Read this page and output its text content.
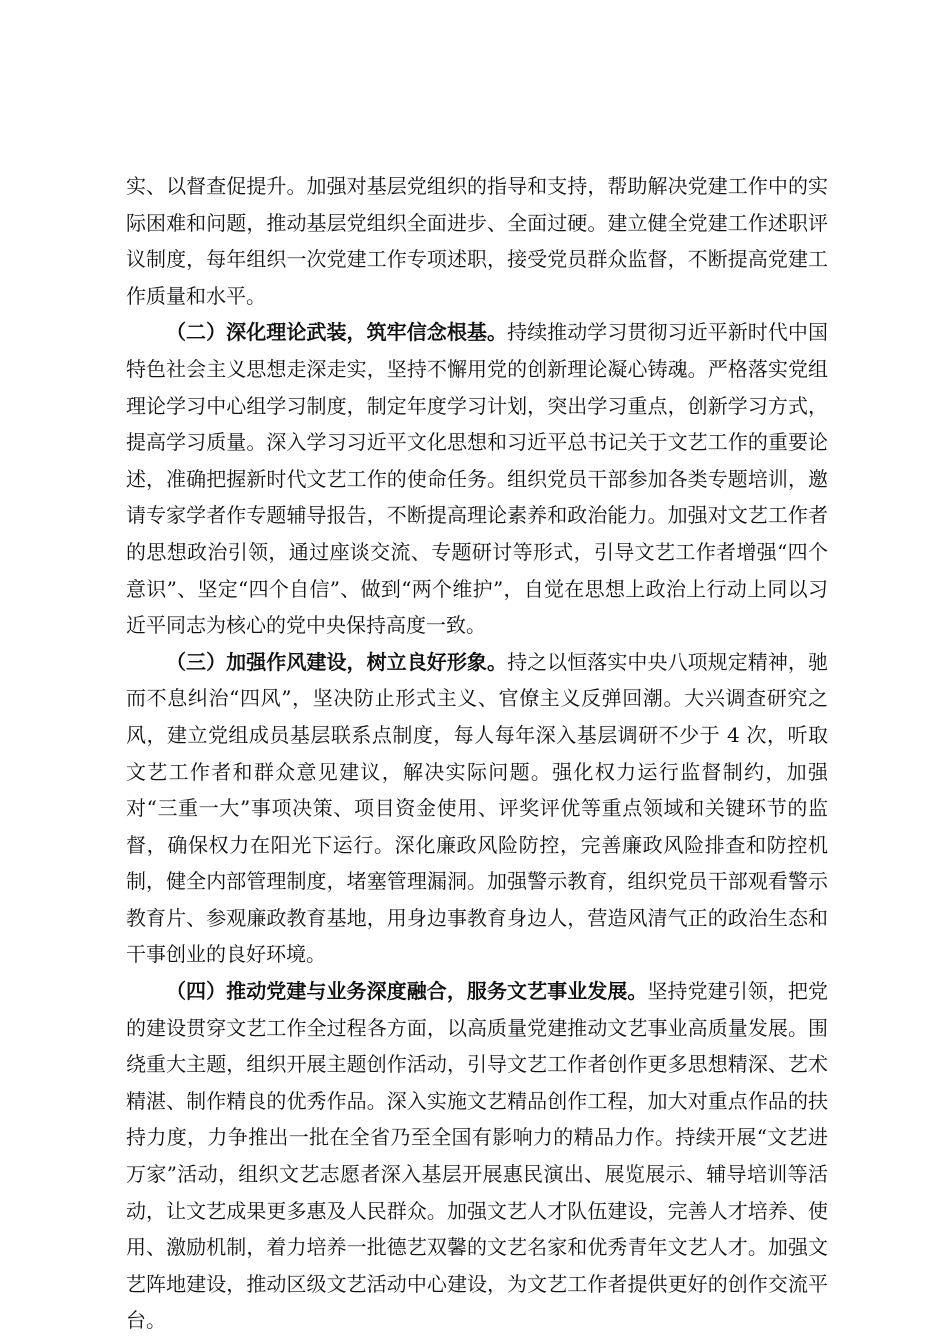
实、以督查促提升。加强对基层党组织的指导和支持，帮助解决党建工作中的实际困难和问题，推动基层党组织全面进步、全面过硬。建立健全党建工作述职评议制度，每年组织一次党建工作专项述职，接受党员群众监督，不断提高党建工作质量和水平。

（二）深化理论武装，筑牢信念根基。持续推动学习贯彻习近平新时代中国特色社会主义思想走深走实，坚持不懈用党的创新理论凝心铸魂。严格落实党组理论学习中心组学习制度，制定年度学习计划，突出学习重点，创新学习方式，提高学习质量。深入学习习近平文化思想和习近平总书记关于文艺工作的重要论述，准确把握新时代文艺工作的使命任务。组织党员干部参加各类专题培训，邀请专家学者作专题辅导报告，不断提高理论素养和政治能力。加强对文艺工作者的思想政治引领，通过座谈交流、专题研讨等形式，引导文艺工作者增强“四个意识”、坚定“四个自信”、做到“两个维护”，自觉在思想上政治上行动上同以习近平同志为核心的党中央保持高度一致。

（三）加强作风建设，树立良好形象。持之以恒落实中央八项规定精神，驰而不息纠治“四风”，坚决防止形式主义、官僚主义反弹回潮。大兴调查研究之风，建立党组成员基层联系点制度，每人每年深入基层调研不少于 4 次，听取文艺工作者和群众意见建议，解决实际问题。强化权力运行监督制约，加强对“三重一大”事项决策、项目资金使用、评奖评优等重点领域和关键环节的监督，确保权力在阳光下运行。深化廉政风险防控，完善廉政风险排查和防控机制，健全内部管理制度，堵塞管理漏洞。加强警示教育，组织党员干部观看警示教育片、参观廉政教育基地，用身边事教育身边人，营造风清气正的政治生态和干事创业的良好环境。

（四）推动党建与业务深度融合，服务文艺事业发展。坚持党建引领，把党的建设贯穿文艺工作全过程各方面，以高质量党建推动文艺事业高质量发展。围绕重大主题，组织开展主题创作活动，引导文艺工作者创作更多思想精深、艺术精湛、制作精良的优秀作品。深入实施文艺精品创作工程，加大对重点作品的扶持力度，力争推出一批在全省乃至全国有影响力的精品力作。持续开展“文艺进万家”活动，组织文艺志愿者深入基层开展惠民演出、展览展示、辅导培训等活动，让文艺成果更多惠及人民群众。加强文艺人才队伍建设，完善人才培养、使用、激励机制，着力培养一批德艺双馨的文艺名家和优秀青年文艺人才。加强文艺阵地建设，推动区级文艺活动中心建设，为文艺工作者提供更好的创作交流平台。
